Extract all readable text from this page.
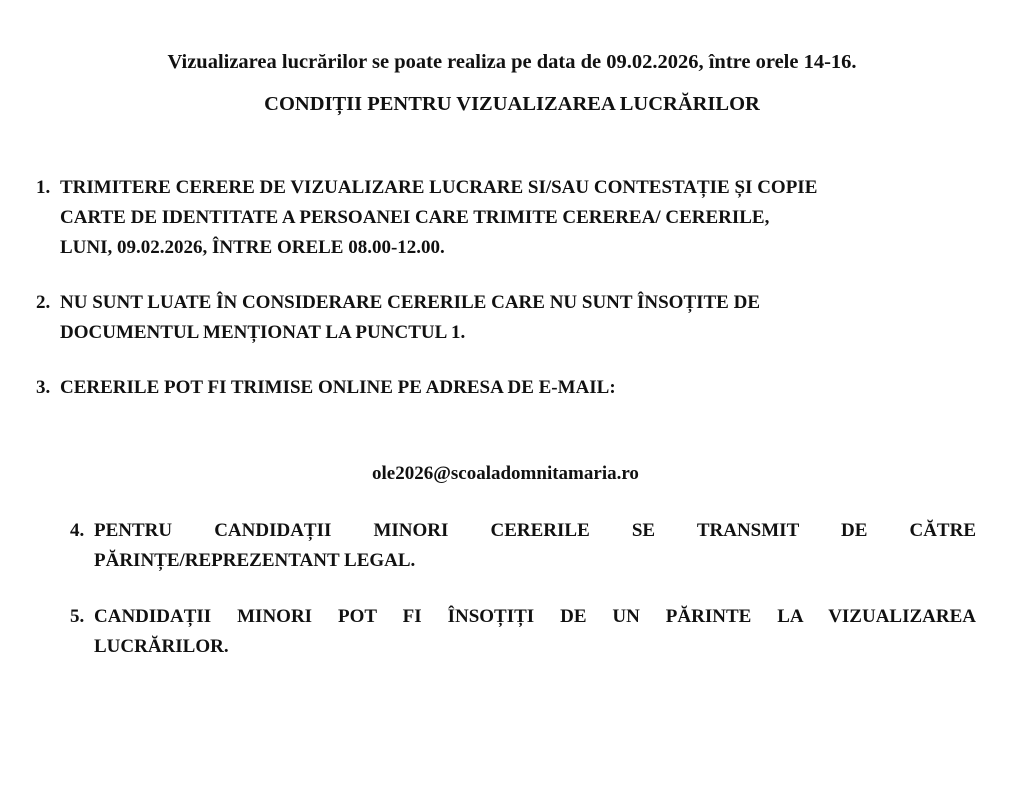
Vizualizarea lucrărilor se poate realiza pe data de 09.02.2026, între orele 14-16.
CONDIȚII PENTRU VIZUALIZAREA LUCRĂRILOR
1. TRIMITERE CERERE DE VIZUALIZARE LUCRARE SI/SAU CONTESTAȚIE ȘI COPIE
CARTE DE IDENTITATE A PERSOANEI CARE TRIMITE CEREREA/ CERERILE,
LUNI, 09.02.2026, ÎNTRE ORELE 08.00-12.00.
2. NU SUNT LUATE ÎN CONSIDERARE CERERILE CARE NU SUNT ÎNSOȚITE DE
DOCUMENTUL MENȚIONAT LA PUNCTUL 1.
3. CERERILE POT FI TRIMISE ONLINE PE ADRESA DE E-MAIL:
ole2026@scoaladomnitamaria.ro
4. PENTRU CANDIDAȚII MINORI CERERILE SE TRANSMIT DE CĂTRE
PĂRINȚE/REPREZENTANT LEGAL.
5. CANDIDAȚII MINORI POT FI ÎNSOȚIȚI DE UN PĂRINTE LA VIZUALIZAREA
LUCRĂRILOR.
